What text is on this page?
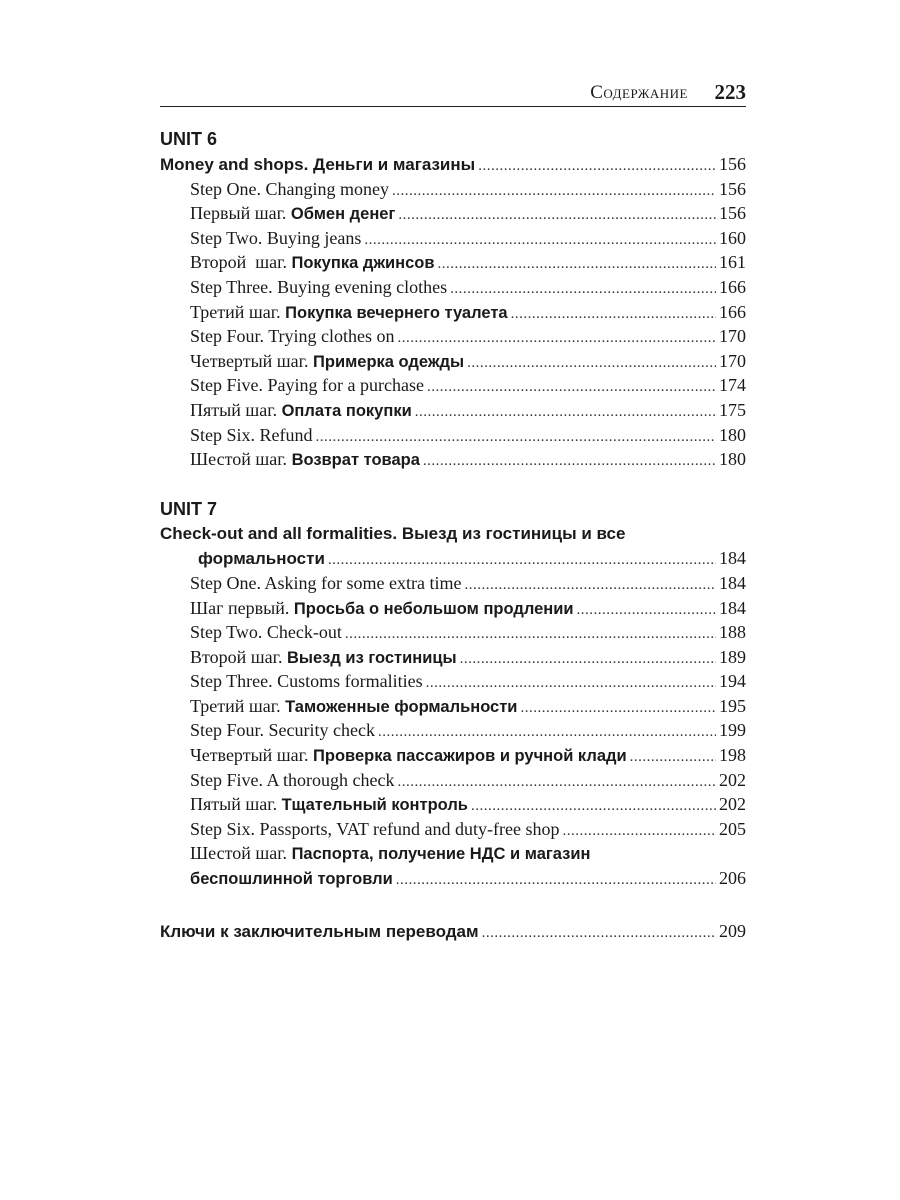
Содержание 223
UNIT 6
Money and shops. Деньги и магазины .....	156
Step One. Changing money .....	156
Первый шаг. Обмен денег .....	156
Step Two. Buying jeans .....	160
Второй  шаг. Покупка джинсов .....	161
Step Three. Buying evening clothes .....	166
Третий шаг. Покупка вечернего туалета .....	166
Step Four. Trying clothes on .....	170
Четвертый шаг. Примерка одежды .....	170
Step Five. Paying for a purchase .....	174
Пятый шаг. Оплата покупки .....	175
Step Six. Refund .....	180
Шестой шаг. Возврат товара .....	180
UNIT 7
Check-out and all formalities. Выезд из гостиницы и все
формальности .....	184
Step One. Asking for some extra time .....	184
Шаг первый. Просьба о небольшом продлении .....	184
Step Two. Check-out .....	188
Второй шаг. Выезд из гостиницы .....	189
Step Three. Customs formalities .....	194
Третий шаг. Таможенные формальности .....	195
Step Four. Security check .....	199
Четвертый шаг. Проверка пассажиров и ручной клади .....	198
Step Five. A thorough check .....	202
Пятый шаг. Тщательный контроль .....	202
Step Six. Passports, VAT refund and duty-free shop .....	205
Шестой шаг. Паспорта, получение НДС и магазин
беспошлинной торговли .....	206
Ключи к заключительным переводам .....	209
